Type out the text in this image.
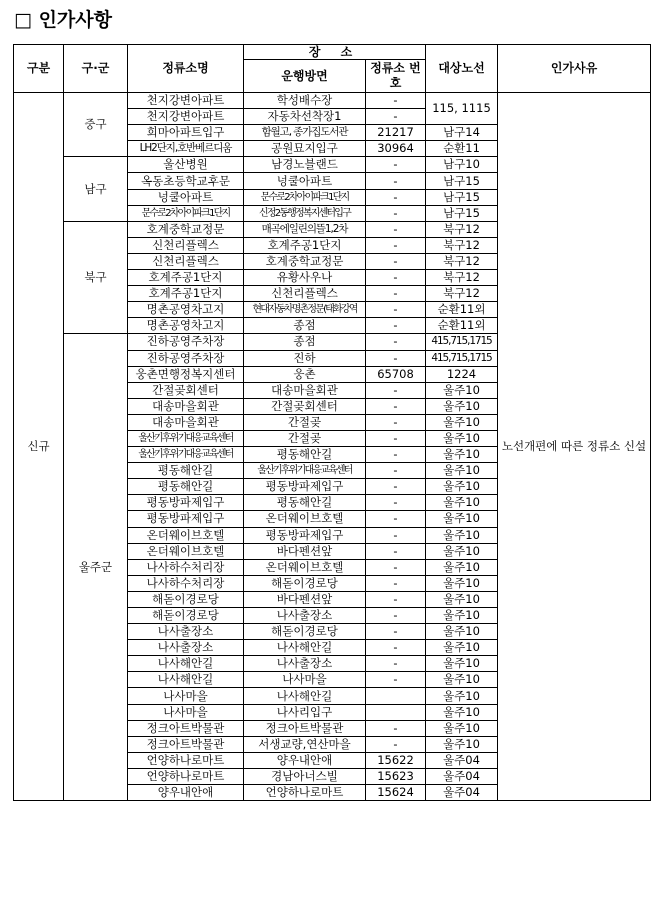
□ 인가사항
구분	구·군	정류소명	장 소		대상노선	인가사유
			운행방면	정류소 번호		
신규	중구	천지강변아파트	학성배수장	-	115, 1115	노선개편에 따른 정류소 신설
		천지강변아파트	자동차선착장1	-		
		희마아파트입구	함월고, 종가집도서관	21217	남구14	
		LH2단지,호반베르디움	공원묘지입구	30964	순환11	
	남구	울산병원	남경노블랜드	-	남구10	
		옥동초등학교후문	넝쿨아파트	-	남구15	
		넝쿨아파트	문수로2차아이파크1단지	-	남구15	
		문수로2차아이파크1단지	신정2동행정복지센터입구	-	남구15	
	북구	호계중학교정문	매곡에일린의뜰1,2차	-	북구12	
		신천리플렉스	호계주공1단지	-	북구12	
		신천리플렉스	호계중학교정문	-	북구12	
		호계주공1단지	유황사우나	-	북구12	
		호계주공1단지	신천리플렉스	-	북구12	
		명촌공영차고지	현대자동차명촌정문(태화강역	-	순환11외	
		명촌공영차고지	종점	-	순환11외	
	울주군	진하공영주차장	종점	-	415,715,1715	
		진하공영주차장	진하	-	415,715,1715	
		웅촌면행정복지센터	웅촌	65708	1224	
		간절곶회센터	대송마을회관	-	울주10	
		대송마을회관	간절곶회센터	-	울주10	
		대송마을회관	간절곶	-	울주10	
		울산기후위기대응교육센터	간절곶	-	울주10	
		울산기후위기대응교육센터	평동해안길	-	울주10	
		평동해안길	울산기후위기대응교육센터	-	울주10	
		평동해안길	평동방파제입구	-	울주10	
		평동방파제입구	평동해안길	-	울주10	
		평동방파제입구	온더웨이브호텔	-	울주10	
		온더웨이브호텔	평동방파제입구	-	울주10	
		온더웨이브호텔	바다펜션앞	-	울주10	
		나사하수처리장	온더웨이브호텔	-	울주10	
		나사하수처리장	해돋이경로당	-	울주10	
		해돋이경로당	바다펜션앞	-	울주10	
		해돋이경로당	나사출장소	-	울주10	
		나사출장소	해돋이경로당	-	울주10	
		나사출장소	나사해안길	-	울주10	
		나사해안길	나사출장소	-	울주10	
		나사해안길	나사마을	-	울주10	
		나사마을	나사해안길		울주10	
		나사마을	나사리입구		울주10	
		정크아트박물관	정크아트박물관	-	울주10	
		정크아트박물관	서생교량,연산마을	-	울주10	
		언양하나로마트	양우내안애	15622	울주04	
		언양하나로마트	경남아너스빌	15623	울주04	
		양우내안애	언양하나로마트	15624	울주04	
